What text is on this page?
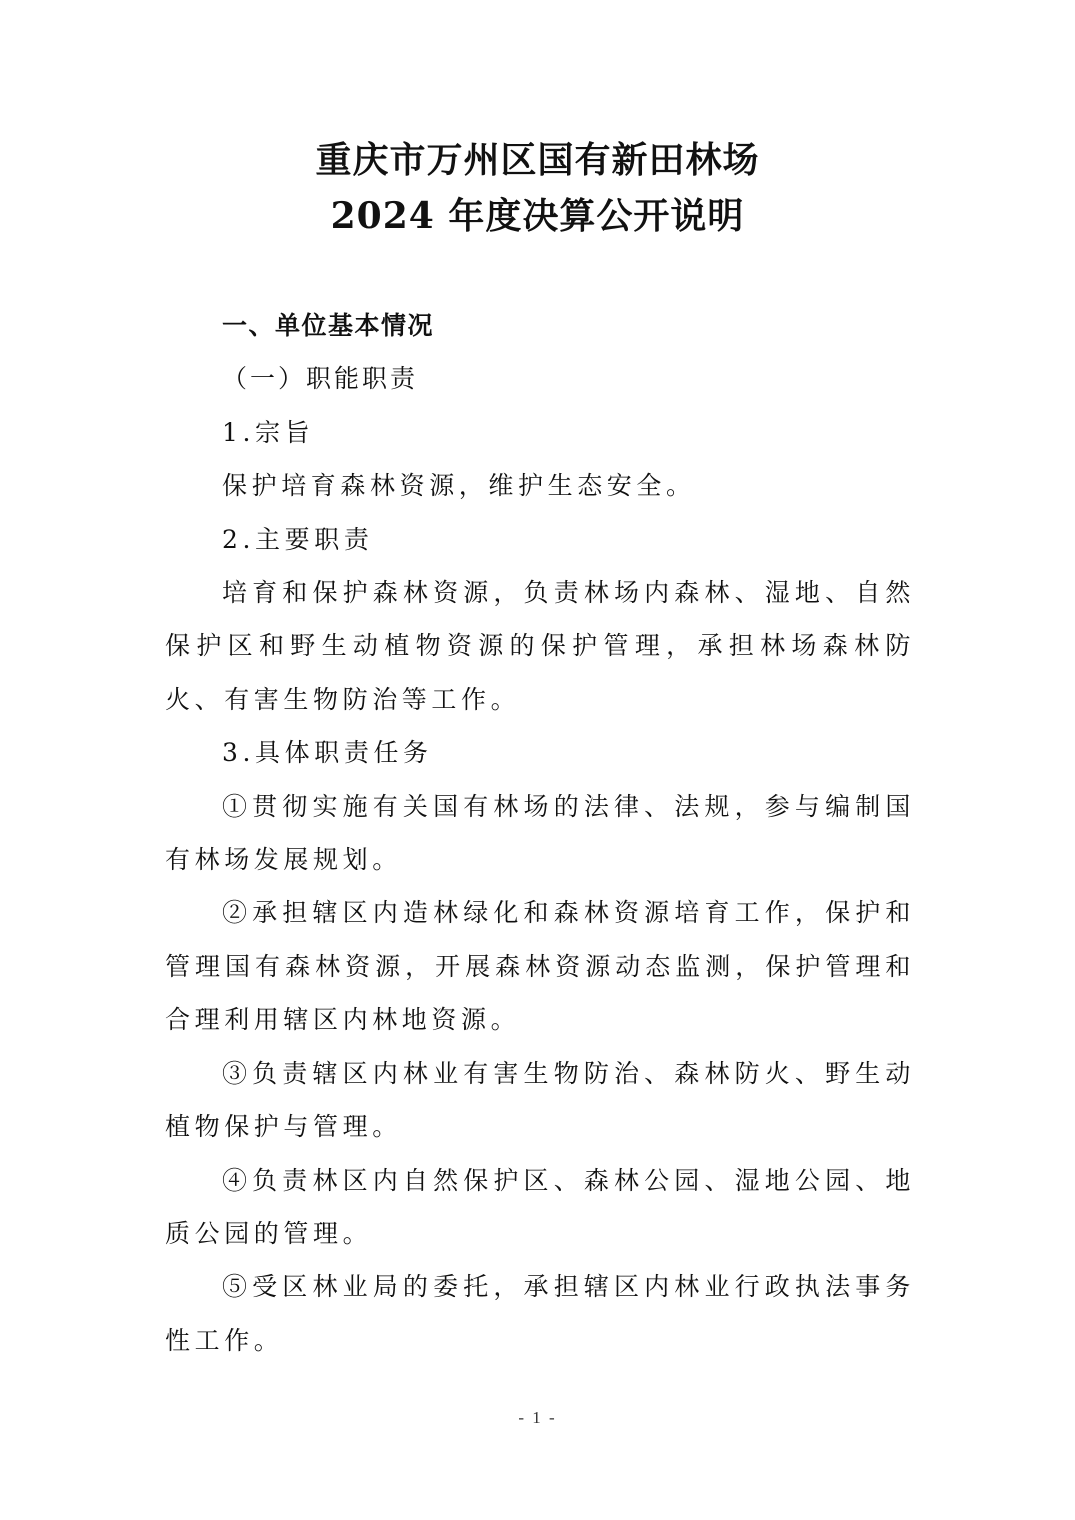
重庆市万州区国有新田林场
2024 年度决算公开说明

一、单位基本情况

（一）职能职责

1.宗旨

保护培育森林资源，维护生态安全。

2.主要职责

培育和保护森林资源，负责林场内森林、湿地、自然保护区和野生动植物资源的保护管理，承担林场森林防火、有害生物防治等工作。

3.具体职责任务

①贯彻实施有关国有林场的法律、法规，参与编制国有林场发展规划。

②承担辖区内造林绿化和森林资源培育工作，保护和管理国有森林资源，开展森林资源动态监测，保护管理和合理利用辖区内林地资源。

③负责辖区内林业有害生物防治、森林防火、野生动植物保护与管理。

④负责林区内自然保护区、森林公园、湿地公园、地质公园的管理。

⑤受区林业局的委托，承担辖区内林业行政执法事务性工作。

- 1 -
